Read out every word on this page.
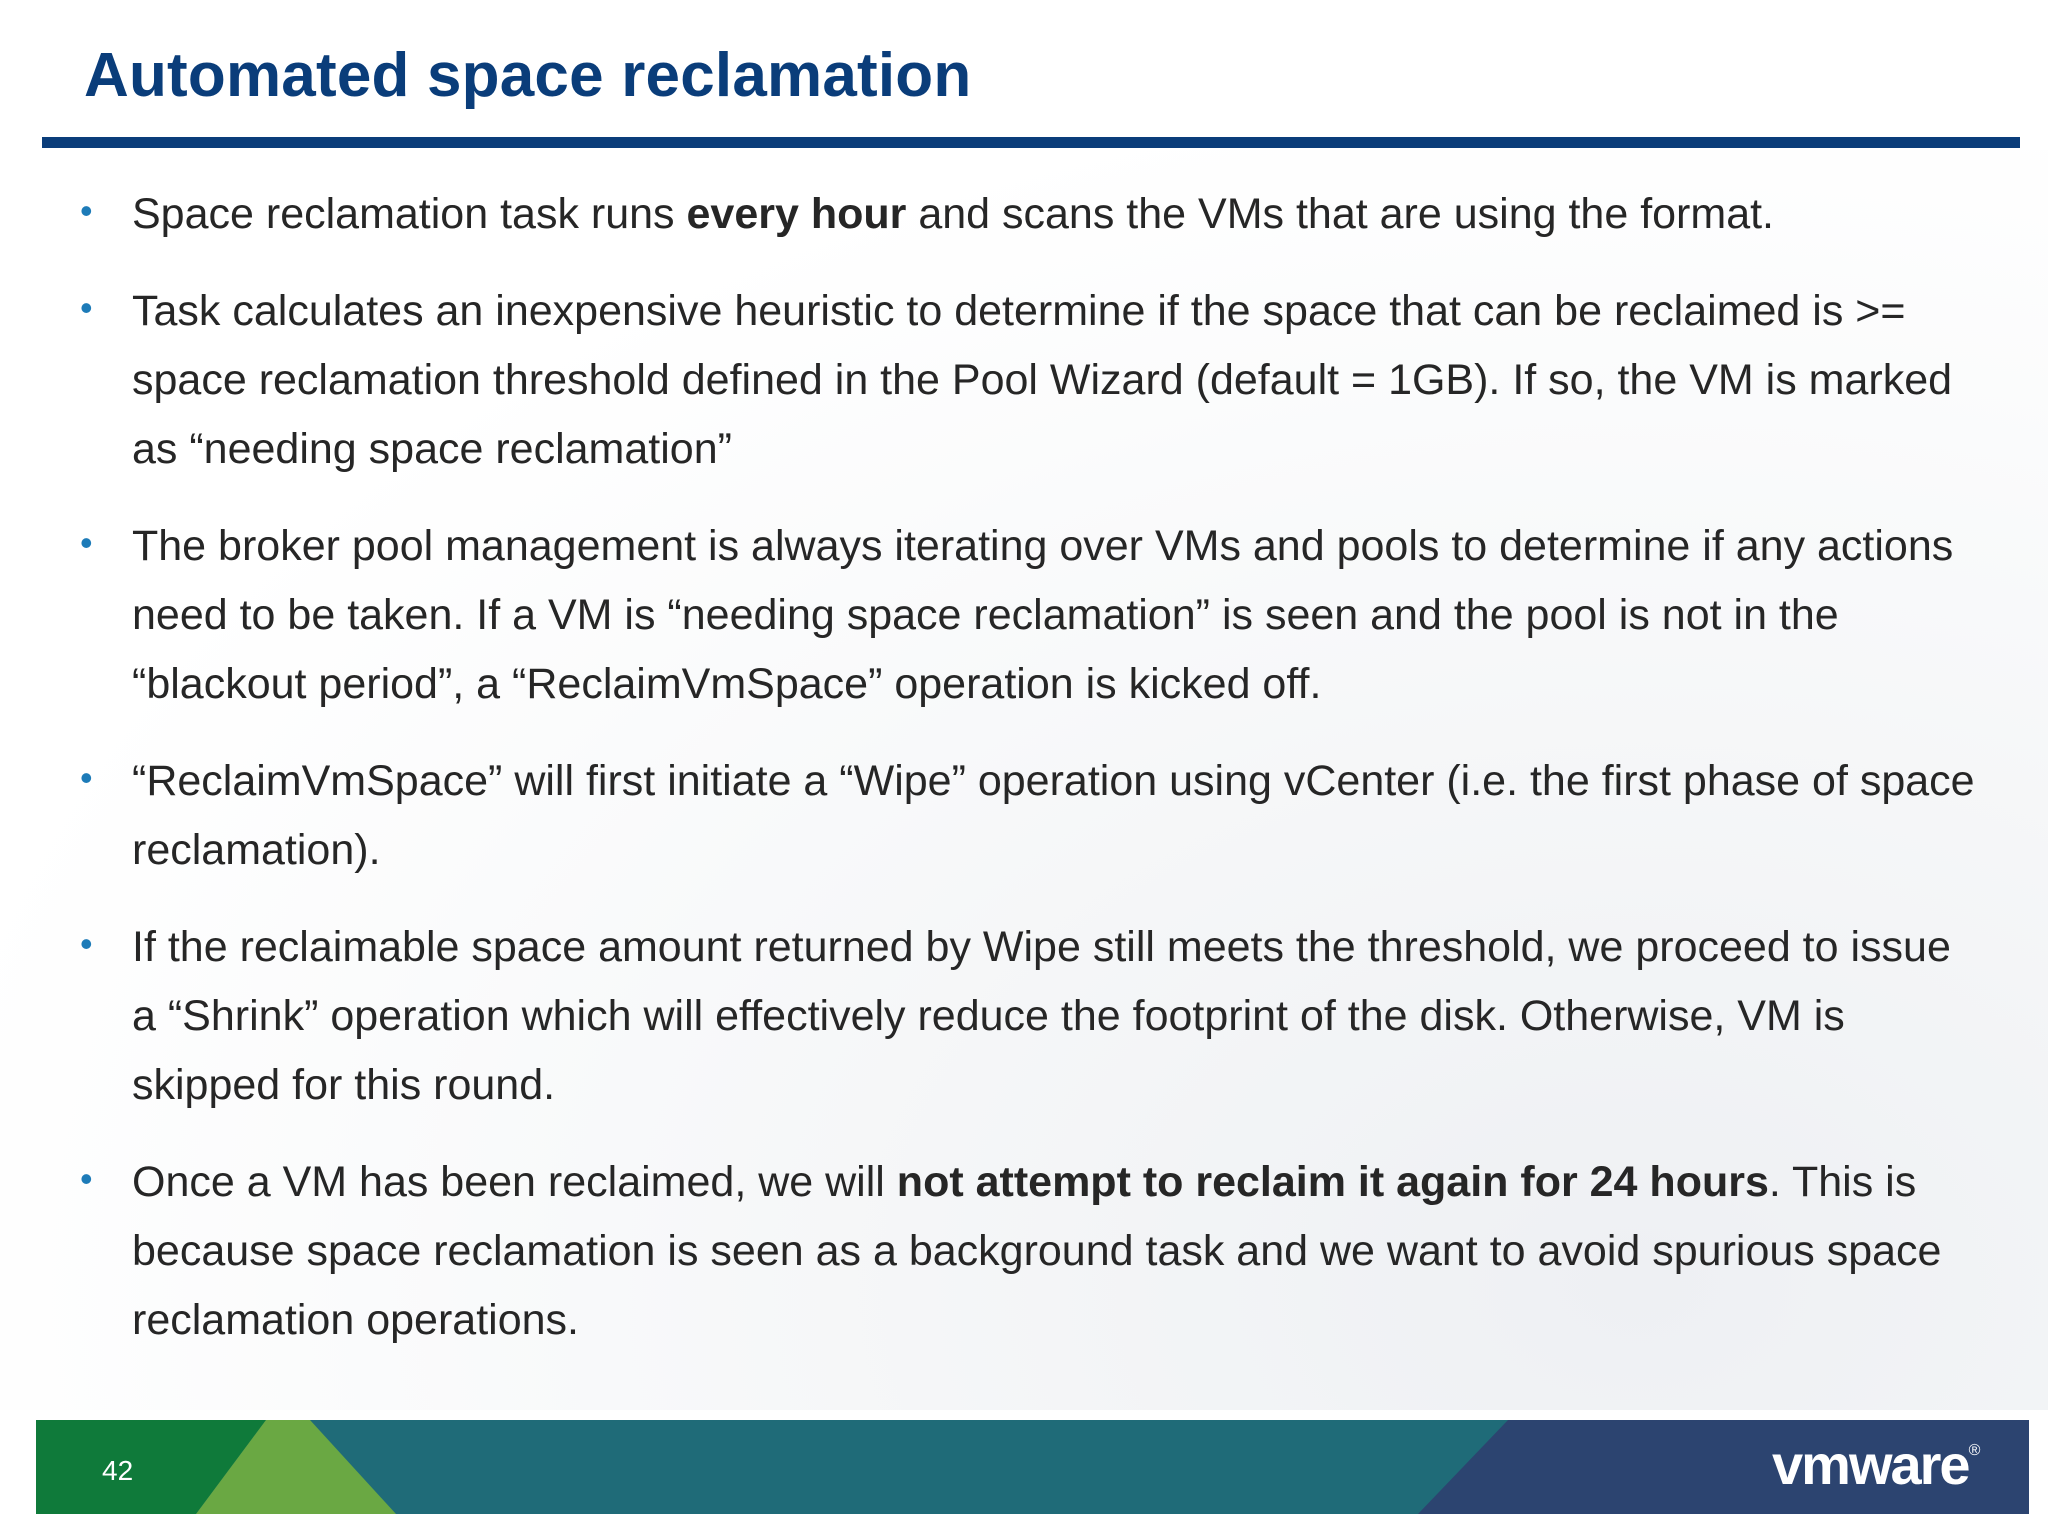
Automated space reclamation
• Space reclamation task runs every hour and scans the VMs that are using the format.
• Task calculates an inexpensive heuristic to determine if the space that can be reclaimed is >= space reclamation threshold defined in the Pool Wizard (default = 1GB). If so, the VM is marked as “needing space reclamation”
• The broker pool management is always iterating over VMs and pools to determine if any actions need to be taken. If a VM is “needing space reclamation” is seen and the pool is not in the “blackout period”, a “ReclaimVmSpace” operation is kicked off.
• “ReclaimVmSpace” will first initiate a “Wipe” operation using vCenter (i.e. the first phase of space reclamation).
• If the reclaimable space amount returned by Wipe still meets the threshold, we proceed to issue a “Shrink” operation which will effectively reduce the footprint of the disk. Otherwise, VM is skipped for this round.
• Once a VM has been reclaimed, we will not attempt to reclaim it again for 24 hours. This is because space reclamation is seen as a background task and we want to avoid spurious space reclamation operations.
42	vmware®
